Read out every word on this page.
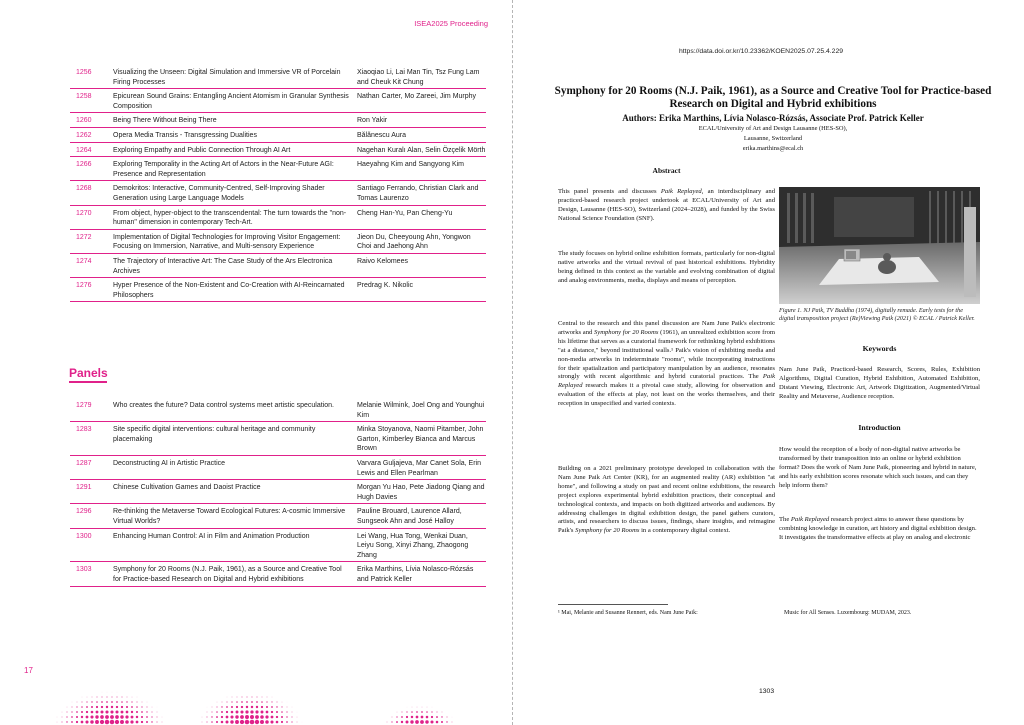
ISEA2025 Proceeding
1256	Visualizing the Unseen: Digital Simulation and Immersive VR of Porcelain Firing Processes
Xiaoqiao Li, Lai Man Tin, Tsz Fung Lam and Cheuk Kit Chung
1258	Epicurean Sound Grains: Entangling Ancient Atomism in Granular Synthesis Composition
Nathan Carter, Mo Zareei, Jim Murphy
1260	Being There Without Being There	Ron Yakir
1262	Opera Media Transis - Transgressing Dualities	Bălănescu Aura
1264	Exploring Empathy and Public Connection Through AI Art	Nagehan Kuralı Alan, Selin Özçelik Mörth
1266	Exploring Temporality in the Acting Art of Actors in the Near-Future AGI: Presence and Representation
Haeyahng Kim and Sangyong Kim
1268	Demokritos: Interactive, Community-Centred, Self-Improving Shader Generation using Large Language Models
Santiago Ferrando, Christian Clark and Tomas Laurenzo
1270	From object, hyper-object to the transcendental: The turn towards the "non-human" dimension in contemporary Tech-Art.
Cheng Han-Yu, Pan Cheng-Yu
1272	Implementation of Digital Technologies for Improving Visitor Engagement: Focusing on Immersion, Narrative, and Multi-sensory Experience
Jieon Du, Cheeyoung Ahn, Yongwon Choi and Jaehong Ahn
1274	The Trajectory of Interactive Art: The Case Study of the Ars Electronica Archives
Raivo Kelomees
1276	Hyper Presence of the Non-Existent and Co-Creation with AI-Reincarnated Philosophers
Predrag K. Nikolic
Panels
1279	Who creates the future? Data control systems meet artistic speculation.	Melanie Wilmink, Joel Ong and Younghui Kim
1283	Site specific digital interventions: cultural heritage and community placemaking
Minka Stoyanova, Naomi Pitamber, John Garton, Kimberley Bianca and Marcus Brown
1287	Deconstructing AI in Artistic Practice	Varvara Guljajeva, Mar Canet Sola, Erin Lewis and Ellen Pearlman
1291	Chinese Cultivation Games and Daoist Practice	Morgan Yu Hao, Pete Jiadong Qiang and Hugh Davies
1296	Re-thinking the Metaverse Toward Ecological Futures: A-cosmic Immersive Virtual Worlds?
Pauline Brouard, Laurence Allard, Sungseok Ahn and José Halloy
1300	Enhancing Human Control: AI in Film and Animation Production	Lei Wang, Hua Tong, Wenkai Duan, Leiyu Song, Xinyi Zhang, Zhaogong Zhang
1303	Symphony for 20 Rooms (N.J. Paik, 1961), as a Source and Creative Tool for Practice-based Research on Digital and Hybrid exhibitions
Erika Marthins, Lívia Nolasco-Rózsás and Patrick Keller
17
https://data.doi.or.kr/10.23362/KOEN2025.07.25.4.229
Symphony for 20 Rooms (N.J. Paik, 1961), as a Source and Creative Tool for Practice-based Research on Digital and Hybrid exhibitions
Authors: Erika Marthins, Lívia Nolasco-Rózsás, Associate Prof. Patrick Keller
ECAL/University of Art and Design Lausanne (HES-SO),
Lausanne, Switzerland
erika.marthins@ecal.ch
Abstract

This panel presents and discusses Paik Replayed, an interdisciplinary and practiced-based research project undertook at ECAL/University of Art and Design, Lausanne (HES-SO), Switzerland (2024–2028), and funded by the Swiss National Science Foundation (SNF).

The study focuses on hybrid online exhibition formats, particularly for non-digital native artworks and the virtual revival of past historical exhibitions. Hybridity being defined in this context as the variable and evolving combination of digital and analog environments, media, displays and means of perception.

Central to the research and this panel discussion are Nam June Paik's electronic artworks and Symphony for 20 Rooms (1961), an unrealized exhibition score from his lifetime that serves as a curatorial framework for rethinking hybrid exhibitions "at a distance," beyond institutional walls.¹ Paik's vision of exhibiting media and non-media artworks in indeterminate "rooms", while incorporating instructions for their spatialization and participatory manipulation by an audience, resonates strongly with recent algorithmic and hybrid curatorial practices. The Paik Replayed research makes it a pivotal case study, allowing for observation and evaluation of the effects at play, not least on the works themselves, and their reception in unspecified and varied contexts.

Building on a 2021 preliminary prototype developed in collaboration with the Nam June Paik Art Center (KR), for an augmented reality (AR) exhibition "at home", and following a study on past and recent online exhibitions, the research project explores experimental hybrid exhibition practices, their conceptual and technological contexts, and impacts on both digitized artworks and audiences. By addressing challenges in digital exhibition design, the panel gathers curators, artists, and researchers to discuss issues, findings, share insights, and reimagine Paik's Symphony for 20 Rooms in a contemporary digital context.

Figure 1. NJ Paik, TV Buddha (1974), digitally remade. Early tests for the digital transposition project (Re)Viewing Paik (2021) © ECAL / Patrick Keller.
Keywords

Nam June Paik, Practiced-based Research, Scores, Rules, Exhibition Algorithms, Digital Curation, Hybrid Exhibition, Automated Exhibition, Distant Viewing, Electronic Art, Artwork Digitization, Augmented/Virtual Reality and Metaverse, Audience reception.

Introduction

How would the reception of a body of non-digital native artworks be transformed by their transposition into an online or hybrid exhibition format? Does the work of Nam June Paik, pioneering and hybrid in nature, and his early exhibition scores resonate which such issues, and can they help inform them?

The Paik Replayed research project aims to answer these questions by combining knowledge in curation, art history and digital exhibition design. It investigates the transformative effects at play on analog and electronic

¹ Mai, Melanie and Susanne Rennert, eds. Nam June Paik:	Music for All Senses. Luxembourg: MUDAM, 2023.
1303
